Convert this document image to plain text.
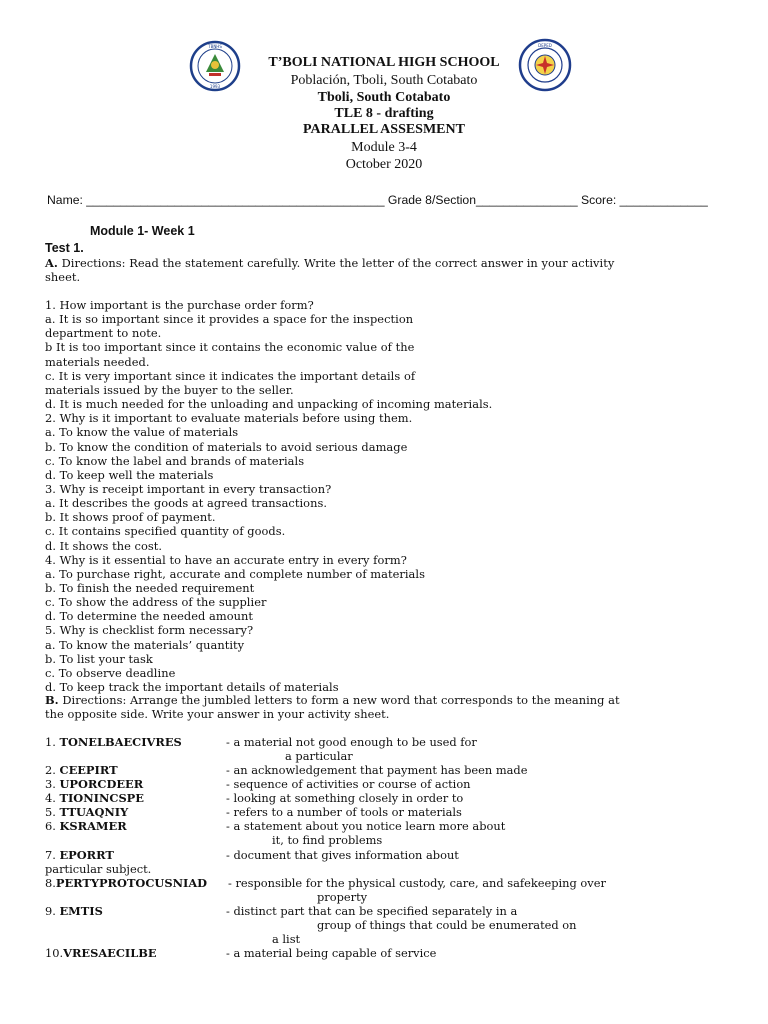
TBNHS
1993
DEPED
T’BOLI NATIONAL HIGH SCHOOL
Población, Tboli, South Cotabato
Tboli, South Cotabato
TLE 8 - drafting
PARALLEL ASSESMENT
Module 3-4
October 2020
Name: ____________________________________________ Grade 8/Section_______________ Score: _____________
Module 1- Week 1
Test 1.
A. Directions: Read the statement carefully. Write the letter of the correct answer in your activity
sheet.
1. How important is the purchase order form?
a. It is so important since it provides a space for the inspection
department to note.
b It is too important since it contains the economic value of the
materials needed.
c. It is very important since it indicates the important details of
materials issued by the buyer to the seller.
d. It is much needed for the unloading and unpacking of incoming materials.
2. Why is it important to evaluate materials before using them.
a. To know the value of materials
b. To know the condition of materials to avoid serious damage
c. To know the label and brands of materials
d. To keep well the materials
3. Why is receipt important in every transaction?
a. It describes the goods at agreed transactions.
b. It shows proof of payment.
c. It contains specified quantity of goods.
d. It shows the cost.
4. Why is it essential to have an accurate entry in every form?
a. To purchase right, accurate and complete number of materials
b. To finish the needed requirement
c. To show the address of the supplier
d. To determine the needed amount
5. Why is checklist form necessary?
a. To know the materials’ quantity
b. To list your task
c. To observe deadline
d. To keep track the important details of materials
B. Directions: Arrange the jumbled letters to form a new word that corresponds to the meaning at
the opposite side. Write your answer in your activity sheet.
1. TONELBAECIVRES	- a material not good enough to be used for
a particular
2. CEEPIRT	- an acknowledgement that payment has been made
3. UPORCDEER	- sequence of activities or course of action
4. TIONINCSPE	- looking at something closely in order to
5. TTUAQNIY	- refers to a number of tools or materials
6. KSRAMER	- a statement about you notice learn more about
it, to find problems
7. EPORRT	- document that gives information about
particular subject.
8.PERTYPROTOCUSNIAD - responsible for the physical custody, care, and safekeeping over
property
9. EMTIS	- distinct part that can be specified separately in a
group of things that could be enumerated on
a list
10.VRESAECILBE	- a material being capable of service
